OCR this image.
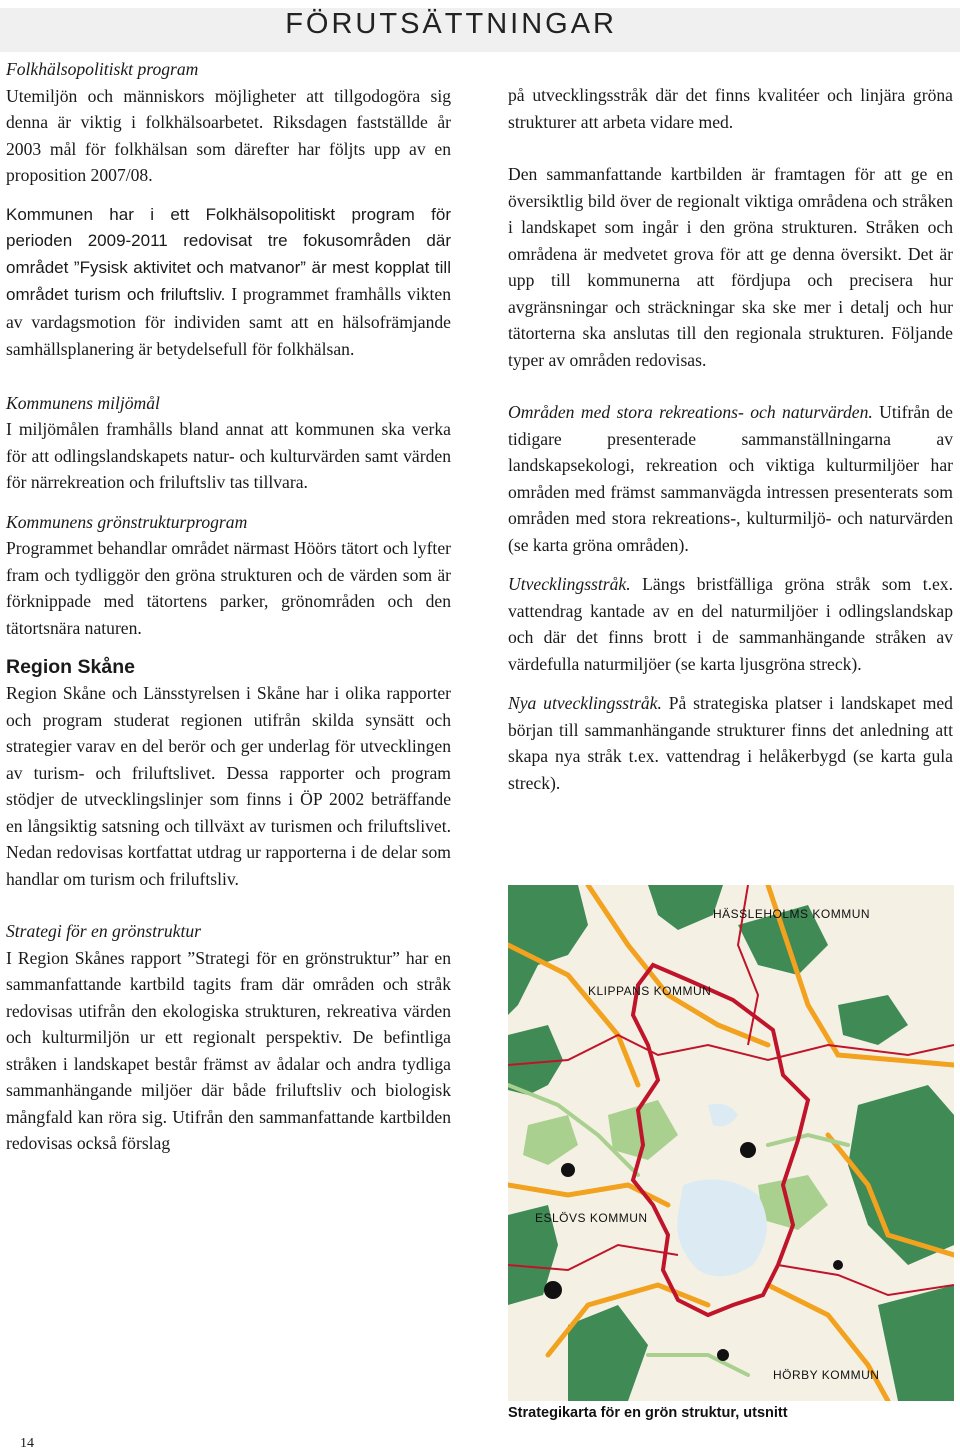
FÖRUTSÄTTNINGAR

Folkhälsopolitiskt program

Utemiljön och människors möjligheter att tillgodogöra sig denna är viktig i folkhälsoarbetet. Riksdagen fastställde år 2003 mål för folkhälsan som därefter har följts upp av en proposition 2007/08.

Kommunen har i ett Folkhälsopolitiskt program för perioden 2009-2011 redovisat tre fokusområden där området ”Fysisk aktivitet och matvanor” är mest kopplat till området turism och friluftsliv. I programmet framhålls vikten av vardagsmotion för individen samt att en hälsofrämjande samhällsplanering är betydelsefull för folkhälsan.

Kommunens miljömål

I miljömålen framhålls bland annat att kommunen ska verka för att odlingslandskapets natur- och kulturvärden samt värden för närrekreation och friluftsliv tas tillvara.

Kommunens grönstrukturprogram

Programmet behandlar området närmast Höörs tätort och lyfter fram och tydliggör den gröna strukturen och de värden som är förknippade med tätortens parker, grönområden och den tätortsnära naturen.

Region Skåne

Region Skåne och Länsstyrelsen i Skåne har i olika rapporter och program studerat regionen utifrån skilda synsätt och strategier varav en del berör och ger underlag för utvecklingen av turism- och friluftslivet. Dessa rapporter och program stödjer de utvecklingslinjer som finns i ÖP 2002 beträffande en långsiktig satsning och tillväxt av turismen och friluftslivet. Nedan redovisas kortfattat utdrag ur rapporterna i de delar som handlar om turism och friluftsliv.

Strategi för en grönstruktur

I Region Skånes rapport ”Strategi för en grönstruktur” har en sammanfattande kartbild tagits fram där områden och stråk redovisas utifrån den ekologiska strukturen, rekreativa värden och kulturmiljön ur ett regionalt perspektiv. De befintliga stråken i landskapet består främst av ådalar och andra tydliga sammanhängande miljöer där både friluftsliv och biologisk mångfald kan röra sig. Utifrån den sammanfattande kartbilden redovisas också förslag

på utvecklingsstråk där det finns kvalitéer och linjära gröna strukturer att arbeta vidare med.

Den sammanfattande kartbilden är framtagen för att ge en översiktlig bild över de regionalt viktiga områdena och stråken i landskapet som ingår i den gröna strukturen. Stråken och områdena är medvetet grova för att ge denna översikt. Det är upp till kommunerna att fördjupa och precisera hur avgränsningar och sträckningar ska ske mer i detalj och hur tätorterna ska anslutas till den regionala strukturen. Följande typer av områden redovisas.

Områden med stora rekreations- och naturvärden. Utifrån de tidigare presenterade sammanställningarna av landskapsekologi, rekreation och viktiga kulturmiljöer har områden med främst sammanvägda intressen presenterats som områden med stora rekreations-, kulturmiljö- och naturvärden (se karta gröna områden).

Utvecklingsstråk. Längs bristfälliga gröna stråk som t.ex. vattendrag kantade av en del naturmiljöer i odlingslandskap och där det finns brott i de sammanhängande stråken av värdefulla naturmiljöer (se karta ljusgröna streck).

Nya utvecklingsstråk. På strategiska platser i landskapet med början till sammanhängande strukturer finns det anledning att skapa nya stråk t.ex. vattendrag i helåkerbygd (se karta gula streck).

HÄSSLEHOLMS KOMMUN
KLIPPANS KOMMUN
ESLÖVS KOMMUN
HÖRBY KOMMUN
Strategikarta för en grön struktur, utsnitt
14
